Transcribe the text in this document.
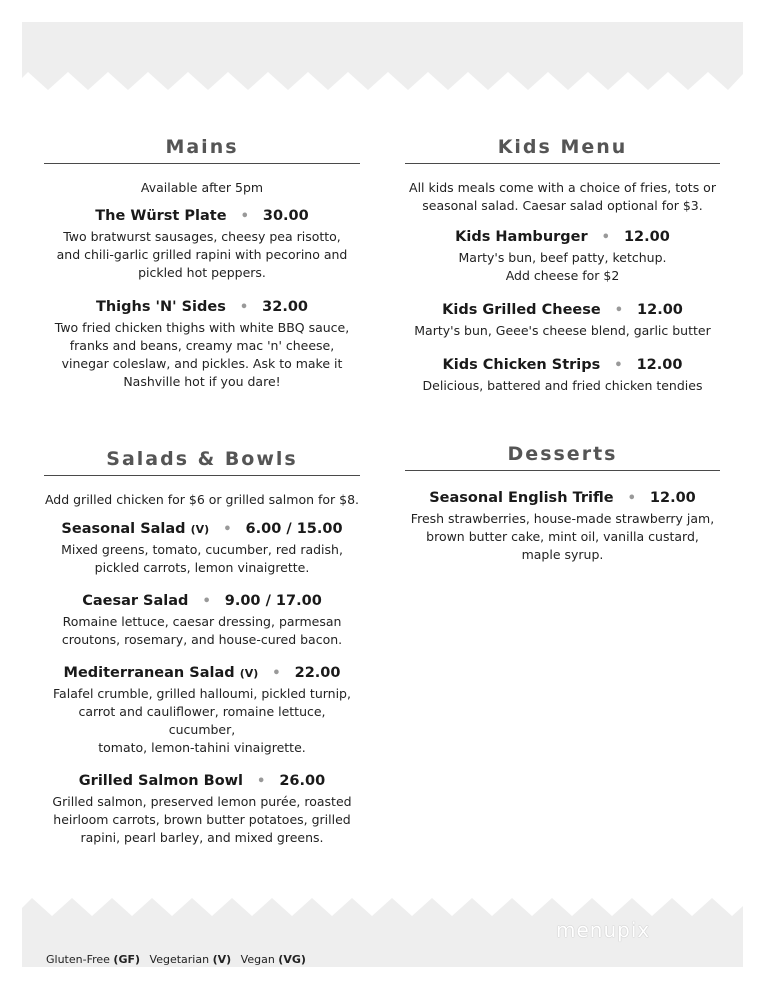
Mains
Available after 5pm
The Würst Plate • 30.00
Two bratwurst sausages, cheesy pea risotto,
and chili-garlic grilled rapini with pecorino and
pickled hot peppers.
Thighs 'N' Sides • 32.00
Two fried chicken thighs with white BBQ sauce,
franks and beans, creamy mac 'n' cheese,
vinegar coleslaw, and pickles. Ask to make it
Nashville hot if you dare!
Kids Menu
All kids meals come with a choice of fries, tots or
seasonal salad. Caesar salad optional for $3.
Kids Hamburger • 12.00
Marty's bun, beef patty, ketchup.
Add cheese for $2
Kids Grilled Cheese • 12.00
Marty's bun, Geee's cheese blend, garlic butter
Kids Chicken Strips • 12.00
Delicious, battered and fried chicken tendies
Salads & Bowls
Add grilled chicken for $6 or grilled salmon for $8.
Seasonal Salad (V) • 6.00 / 15.00
Mixed greens, tomato, cucumber, red radish,
pickled carrots, lemon vinaigrette.
Caesar Salad • 9.00 / 17.00
Romaine lettuce, caesar dressing, parmesan
croutons, rosemary, and house-cured bacon.
Mediterranean Salad (V) • 22.00
Falafel crumble, grilled halloumi, pickled turnip,
carrot and cauliflower, romaine lettuce, cucumber,
tomato, lemon-tahini vinaigrette.
Grilled Salmon Bowl • 26.00
Grilled salmon, preserved lemon purée, roasted
heirloom carrots, brown butter potatoes, grilled
rapini, pearl barley, and mixed greens.
Desserts
Seasonal English Trifle • 12.00
Fresh strawberries, house-made strawberry jam,
brown butter cake, mint oil, vanilla custard,
maple syrup.
menupix
Gluten-Free (GF) Vegetarian (V) Vegan (VG)
